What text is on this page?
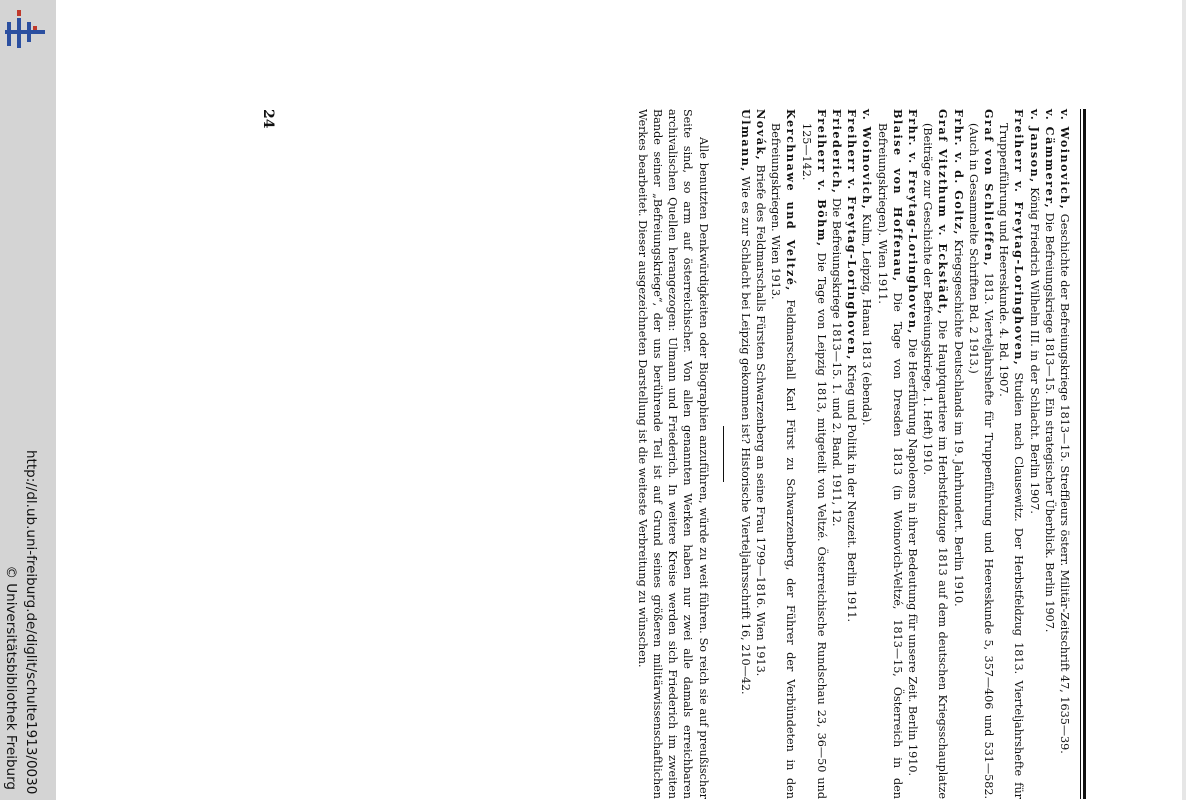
http://dl.ub.uni-freiburg.de/diglit/schulte1913/0030
© Universitätsbibliothek Freiburg

v. Woinovich, Geschichte der Befreiungskriege 1813—15. Streffleurs österr. Militär-Zeitschrift 47, 1635—39.

v. Cämmerer, Die Befreiungskriege 1813—15. Ein strategischer Überblick. Berlin 1907.

v. Janson, König Friedrich Wilhelm III. in der Schlacht. Berlin 1907.

Freiherr v. Freytag-Loringhoven, Studien nach Clausewitz. Der Herbstfeldzug 1813. Vierteljahrshefte für Truppenführung und Heereskunde. 4. Bd. 1907.

Graf von Schlieffen, 1813. Vierteljahrshefte für Truppenführung und Heereskunde 5, 357—406 und 531—582. (Auch in Gesammelte Schriften Bd. 2 1913.)

Frhr. v. d. Goltz, Kriegsgeschichte Deutschlands im 19. Jahrhundert. Berlin 1910.

Graf Vitzthum v. Eckstädt, Die Hauptquartiere im Herbstfeldzuge 1813 auf dem deutschen Kriegsschauplatze (Beiträge zur Geschichte der Befreiungskriege, 1. Heft) 1910.

Frhr. v. Freytag-Loringhoven, Die Heerführung Napoleons in ihrer Bedeutung für unsere Zeit. Berlin 1910.

Blaise von Hoffenau, Die Tage von Dresden 1813 (in Woinovich-Veltzé, 1813—15, Österreich in den Befreiungskriegen). Wien 1911.

v. Woinovich, Kulm, Leipzig, Hanau 1813 (ebenda).

Freiherr v. Freytag-Loringhoven, Krieg und Politik in der Neuzeit. Berlin 1911.

Friederich, Die Befreiungskriege 1813—15. 1. und 2. Band. 1911, 12.

Freiherr v. Böhm, Die Tage von Leipzig 1813, mitgeteilt von Veltzé. Österreichische Rundschau 23, 36—50 und 125—142.

Kerchnawe und Veltzé, Feldmarschall Karl Fürst zu Schwarzenberg, der Führer der Verbündeten in den Befreiungskriegen. Wien 1913.

Novák, Briefe des Feldmarschalls Fürsten Schwarzenberg an seine Frau 1799—1816. Wien 1913.

Ulmann, Wie es zur Schlacht bei Leipzig gekommen ist? Historische Vierteljahrsschrift 16, 210—42.

Alle benutzten Denkwürdigkeiten oder Biographien anzuführen, würde zu weit führen. So reich sie auf preußischer Seite sind, so arm auf österreichischer. Von allen genannten Werken haben nur zwei alle damals erreichbaren archivalischen Quellen herangezogen: Ulmann und Friederich. In weitere Kreise werden sich Friederich im zweiten Bande seiner „Befreiungskriege“, der uns berührende Teil ist auf Grund seines größeren militärwissenschaftlichen Werkes bearbeitet. Dieser ausgezeichneten Darstellung ist die weiteste Verbreitung zu wünschen.

24
